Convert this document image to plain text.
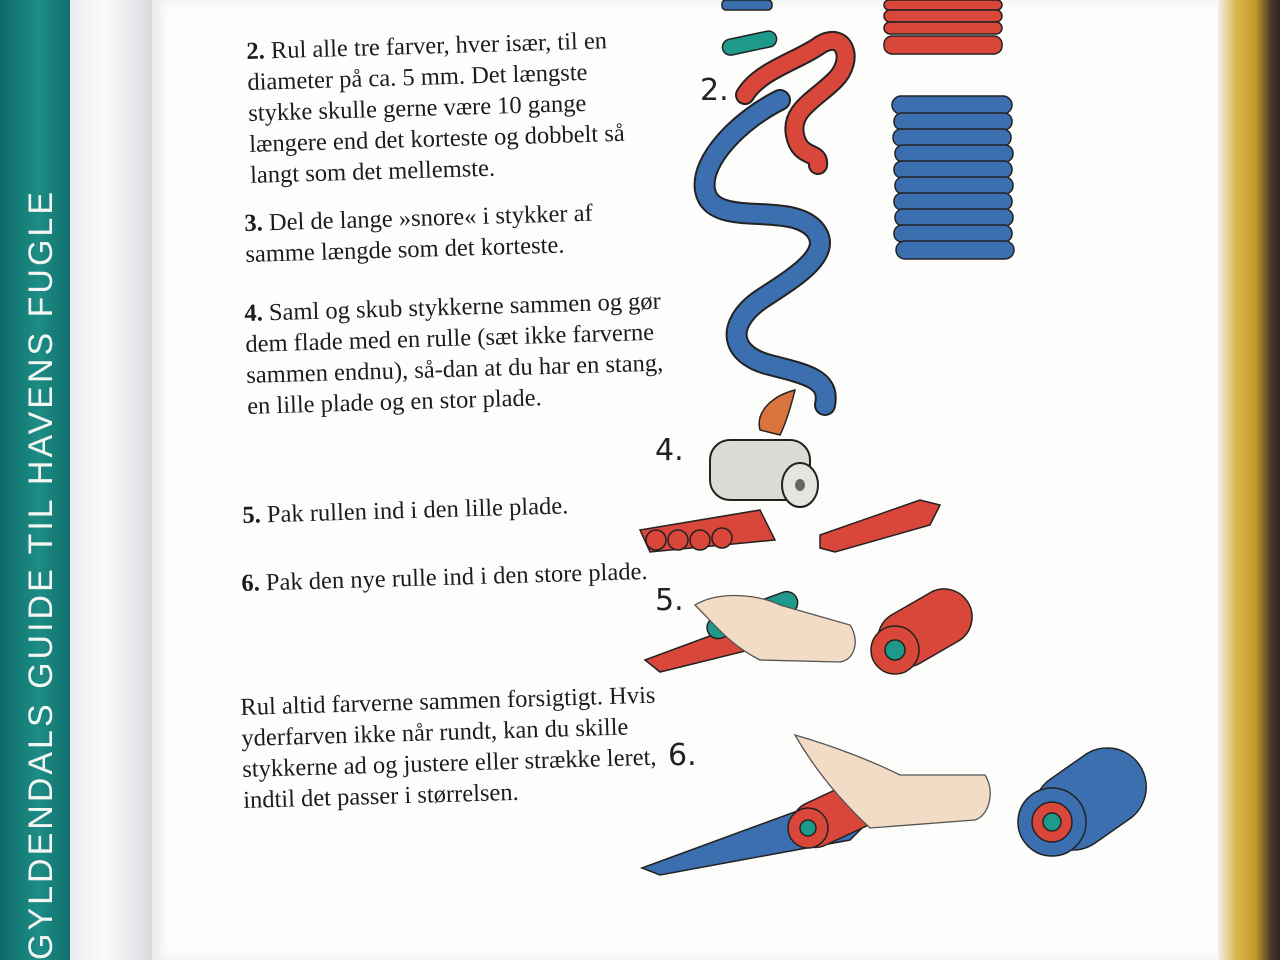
GYLDENDALS GUIDE TIL HAVENS FUGLE

2. Rul alle tre farver, hver især, til en diameter på ca. 5 mm. Det længste stykke skulle gerne være 10 gange længere end det korteste og dobbelt så langt som det mellemste.

3. Del de lange »snore« i stykker af samme længde som det korteste.

4. Saml og skub stykkerne sammen og gør dem flade med en rulle (sæt ikke farverne sammen endnu), så-dan at du har en stang, en lille plade og en stor plade.

5. Pak rullen ind i den lille plade.

6. Pak den nye rulle ind i den store plade.

Rul altid farverne sammen forsigtigt. Hvis yderfarven ikke når rundt, kan du skille stykkerne ad og justere eller strække leret, indtil det passer i størrelsen.

2.
4.
5.
6.
